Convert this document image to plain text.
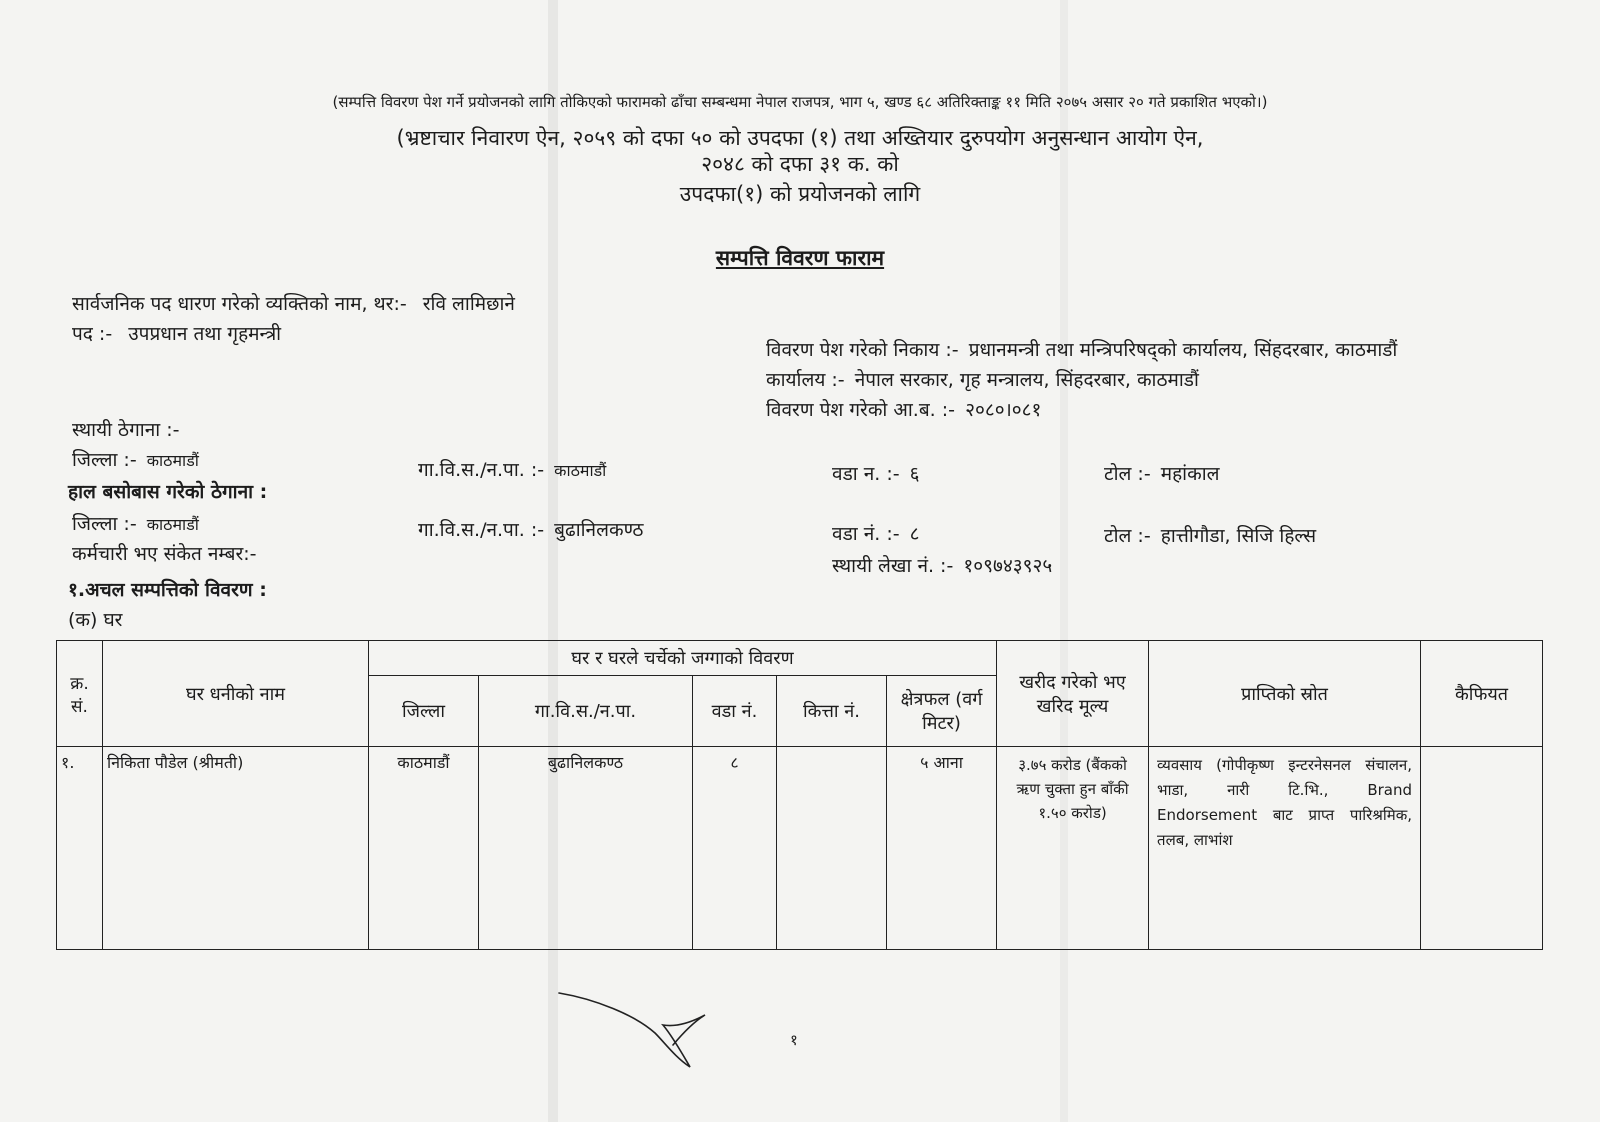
(सम्पत्ति विवरण पेश गर्ने प्रयोजनको लागि तोकिएको फारामको ढाँचा सम्बन्धमा नेपाल राजपत्र, भाग ५, खण्ड ६८ अतिरिक्ताङ्क ११ मिति २०७५ असार २० गते प्रकाशित भएको।)
(भ्रष्टाचार निवारण ऐन, २०५९ को दफा ५० को उपदफा (१) तथा अख्तियार दुरुपयोग अनुसन्धान आयोग ऐन,
२०४८ को दफा ३१ क. को
उपदफा(१) को प्रयोजनको लागि
सम्पत्ति विवरण फाराम
सार्वजनिक पद धारण गरेको व्यक्तिको नाम, थर:- रवि लामिछाने
पद :- उपप्रधान तथा गृहमन्त्री
विवरण पेश गरेको निकाय :- प्रधानमन्त्री तथा मन्त्रिपरिषद्को कार्यालय, सिंहदरबार, काठमाडौं
कार्यालय :- नेपाल सरकार, गृह मन्त्रालय, सिंहदरबार, काठमाडौं
विवरण पेश गरेको आ.ब. :- २०८०।०८१
स्थायी ठेगाना :-
जिल्ला :- काठमाडौं	गा.वि.स./न.पा. :- काठमाडौं	वडा न. :- ६	टोल :- महांकाल
हाल बसोबास गरेको ठेगाना :
जिल्ला :- काठमाडौं	गा.वि.स./न.पा. :- बुढानिलकण्ठ	वडा नं. :- ८	टोल :- हात्तीगौडा, सिजि हिल्स
कर्मचारी भए संकेत नम्बर:-
स्थायी लेखा नं. :- १०९७४३९२५
१.अचल सम्पत्तिको विवरण :
(क) घर
क्र. सं.	घर धनीको नाम	घर र घरले चर्चेको जग्गाको विवरण					खरीद गरेको भए खरिद मूल्य	प्राप्तिको स्रोत	कैफियत
		जिल्ला	गा.वि.स./न.पा.	वडा नं.	कित्ता नं.	क्षेत्रफल (वर्ग मिटर)			
१.	निकिता पौडेल (श्रीमती)	काठमाडौं	बुढानिलकण्ठ	८		५ आना	३.७५ करोड (बैंकको ऋण चुक्ता हुन बाँकी १.५० करोड)	व्यवसाय (गोपीकृष्ण इन्टरनेसनल संचालन, भाडा, नारी टि.भि., Brand Endorsement बाट प्राप्त पारिश्रमिक, तलब, लाभांश	
१
